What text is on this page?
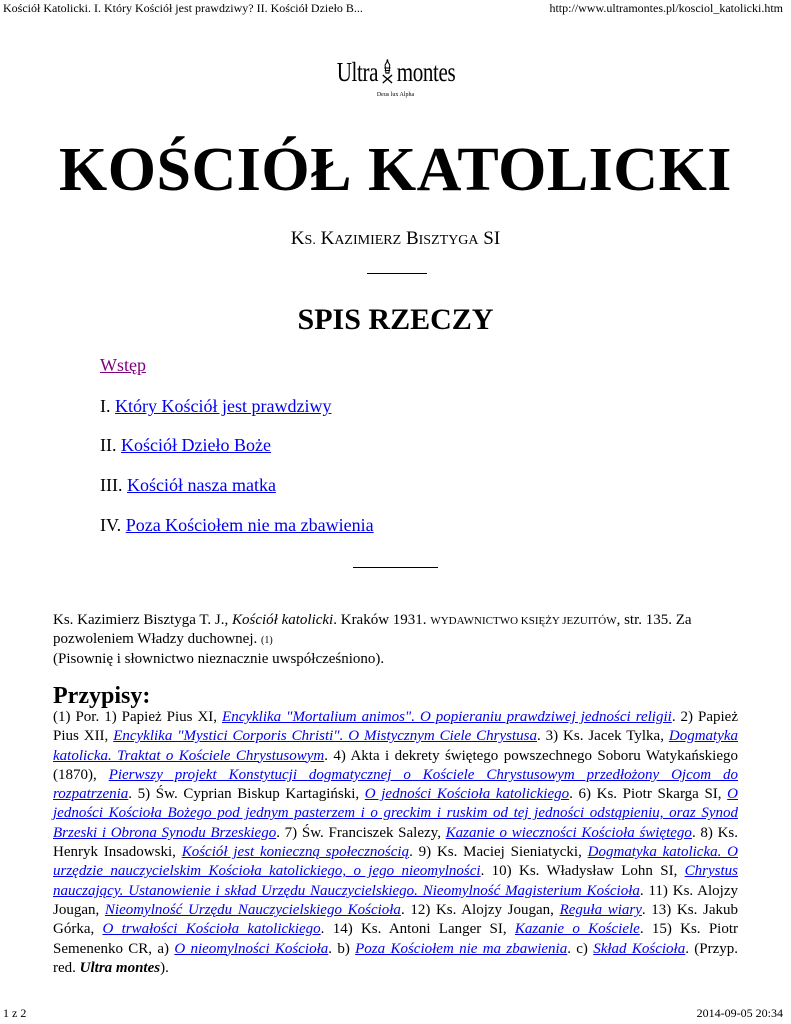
Kościół Katolicki. I. Który Kościół jest prawdziwy? II. Kościół Dzieło B...	http://www.ultramontes.pl/kosciol_katolicki.htm
Ultra montes
Deus lux Alpha
KOŚCIÓŁ KATOLICKI
KS. KAZIMIERZ BISZTYGA SI
SPIS RZECZY
Wstęp
I. Który Kościół jest prawdziwy
II. Kościół Dzieło Boże
III. Kościół nasza matka
IV. Poza Kościołem nie ma zbawienia
Ks. Kazimierz Bisztyga T. J., Kościół katolicki. Kraków 1931. WYDAWNICTWO KSIĘŻY JEZUITÓW, str. 135. Za pozwoleniem Władzy duchownej. (1)
(Pisownię i słownictwo nieznacznie uwspółcześniono).
Przypisy:
(1) Por. 1) Papież Pius XI, Encyklika "Mortalium animos". O popieraniu prawdziwej jedności religii. 2) Papież Pius XII, Encyklika "Mystici Corporis Christi". O Mistycznym Ciele Chrystusa. 3) Ks. Jacek Tylka, Dogmatyka katolicka. Traktat o Kościele Chrystusowym. 4) Akta i dekrety świętego powszechnego Soboru Watykańskiego (1870), Pierwszy projekt Konstytucji dogmatycznej o Kościele Chrystusowym przedłożony Ojcom do rozpatrzenia. 5) Św. Cyprian Biskup Kartagiński, O jedności Kościoła katolickiego. 6) Ks. Piotr Skarga SI, O jedności Kościoła Bożego pod jednym pasterzem i o greckim i ruskim od tej jedności odstąpieniu, oraz Synod Brzeski i Obrona Synodu Brzeskiego. 7) Św. Franciszek Salezy, Kazanie o wieczności Kościoła świętego. 8) Ks. Henryk Insadowski, Kościół jest konieczną społecznością. 9) Ks. Maciej Sieniatycki, Dogmatyka katolicka. O urzędzie nauczycielskim Kościoła katolickiego, o jego nieomylności. 10) Ks. Władysław Lohn SI, Chrystus nauczający. Ustanowienie i skład Urzędu Nauczycielskiego. Nieomylność Magisterium Kościoła. 11) Ks. Alojzy Jougan, Nieomylność Urzędu Nauczycielskiego Kościoła. 12) Ks. Alojzy Jougan, Reguła wiary. 13) Ks. Jakub Górka, O trwałości Kościoła katolickiego. 14) Ks. Antoni Langer SI, Kazanie o Kościele. 15) Ks. Piotr Semenenko CR, a) O nieomylności Kościoła. b) Poza Kościołem nie ma zbawienia. c) Skład Kościoła. (Przyp. red. Ultra montes).
1 z 2	2014-09-05 20:34
